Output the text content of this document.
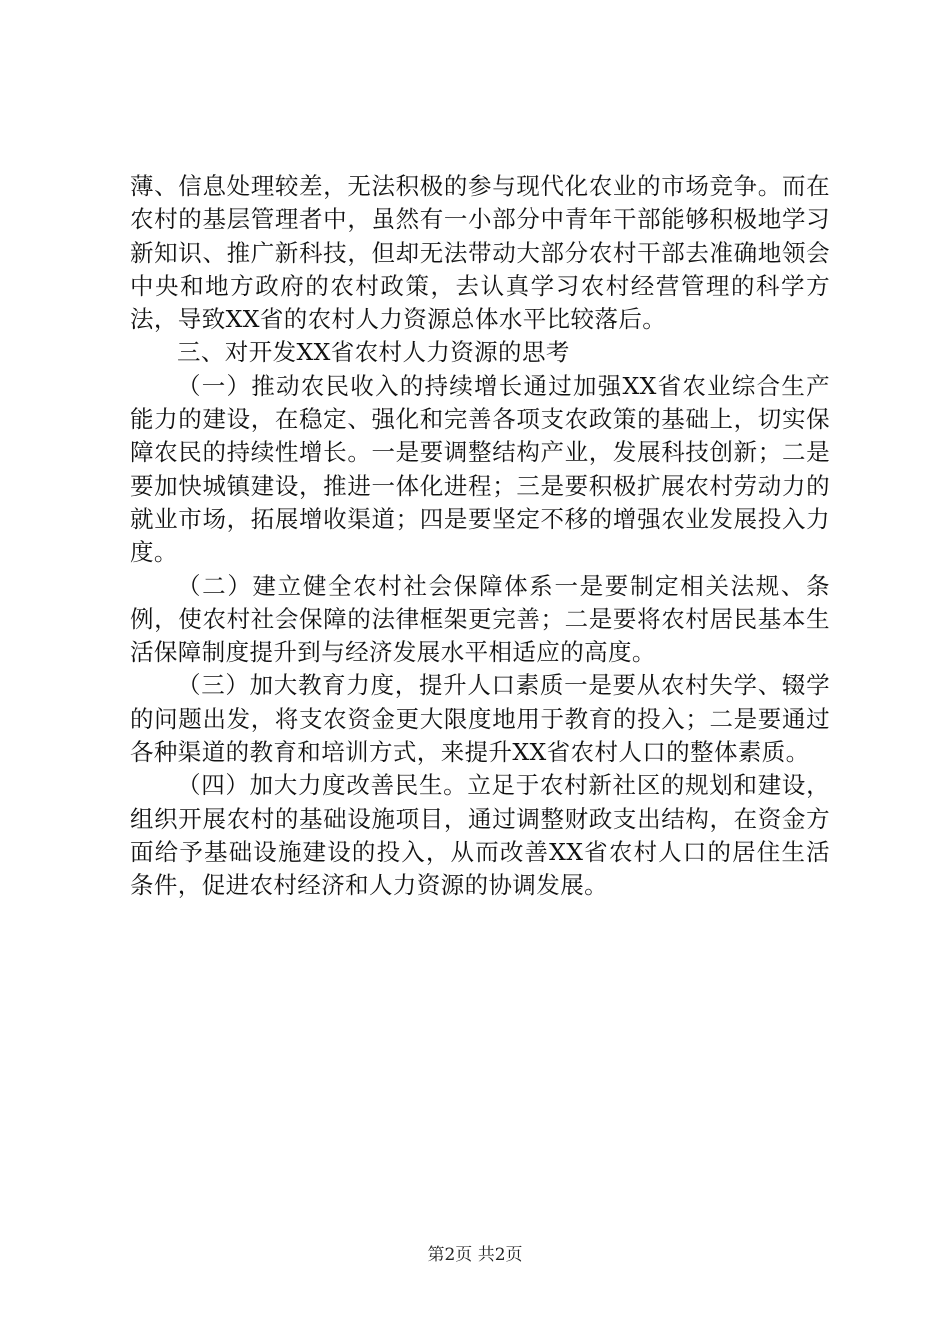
薄、信息处理较差，无法积极的参与现代化农业的市场竞争。而在农村的基层管理者中，虽然有一小部分中青年干部能够积极地学习新知识、推广新科技，但却无法带动大部分农村干部去准确地领会中央和地方政府的农村政策，去认真学习农村经营管理的科学方法，导致XX省的农村人力资源总体水平比较落后。

三、对开发XX省农村人力资源的思考

（一）推动农民收入的持续增长通过加强XX省农业综合生产能力的建设，在稳定、强化和完善各项支农政策的基础上，切实保障农民的持续性增长。一是要调整结构产业，发展科技创新；二是要加快城镇建设，推进一体化进程；三是要积极扩展农村劳动力的就业市场，拓展增收渠道；四是要坚定不移的增强农业发展投入力度。

（二）建立健全农村社会保障体系一是要制定相关法规、条例，使农村社会保障的法律框架更完善；二是要将农村居民基本生活保障制度提升到与经济发展水平相适应的高度。

（三）加大教育力度，提升人口素质一是要从农村失学、辍学的问题出发，将支农资金更大限度地用于教育的投入；二是要通过各种渠道的教育和培训方式，来提升XX省农村人口的整体素质。

（四）加大力度改善民生。立足于农村新社区的规划和建设，组织开展农村的基础设施项目，通过调整财政支出结构，在资金方面给予基础设施建设的投入，从而改善XX省农村人口的居住生活条件，促进农村经济和人力资源的协调发展。

第2页 共2页
